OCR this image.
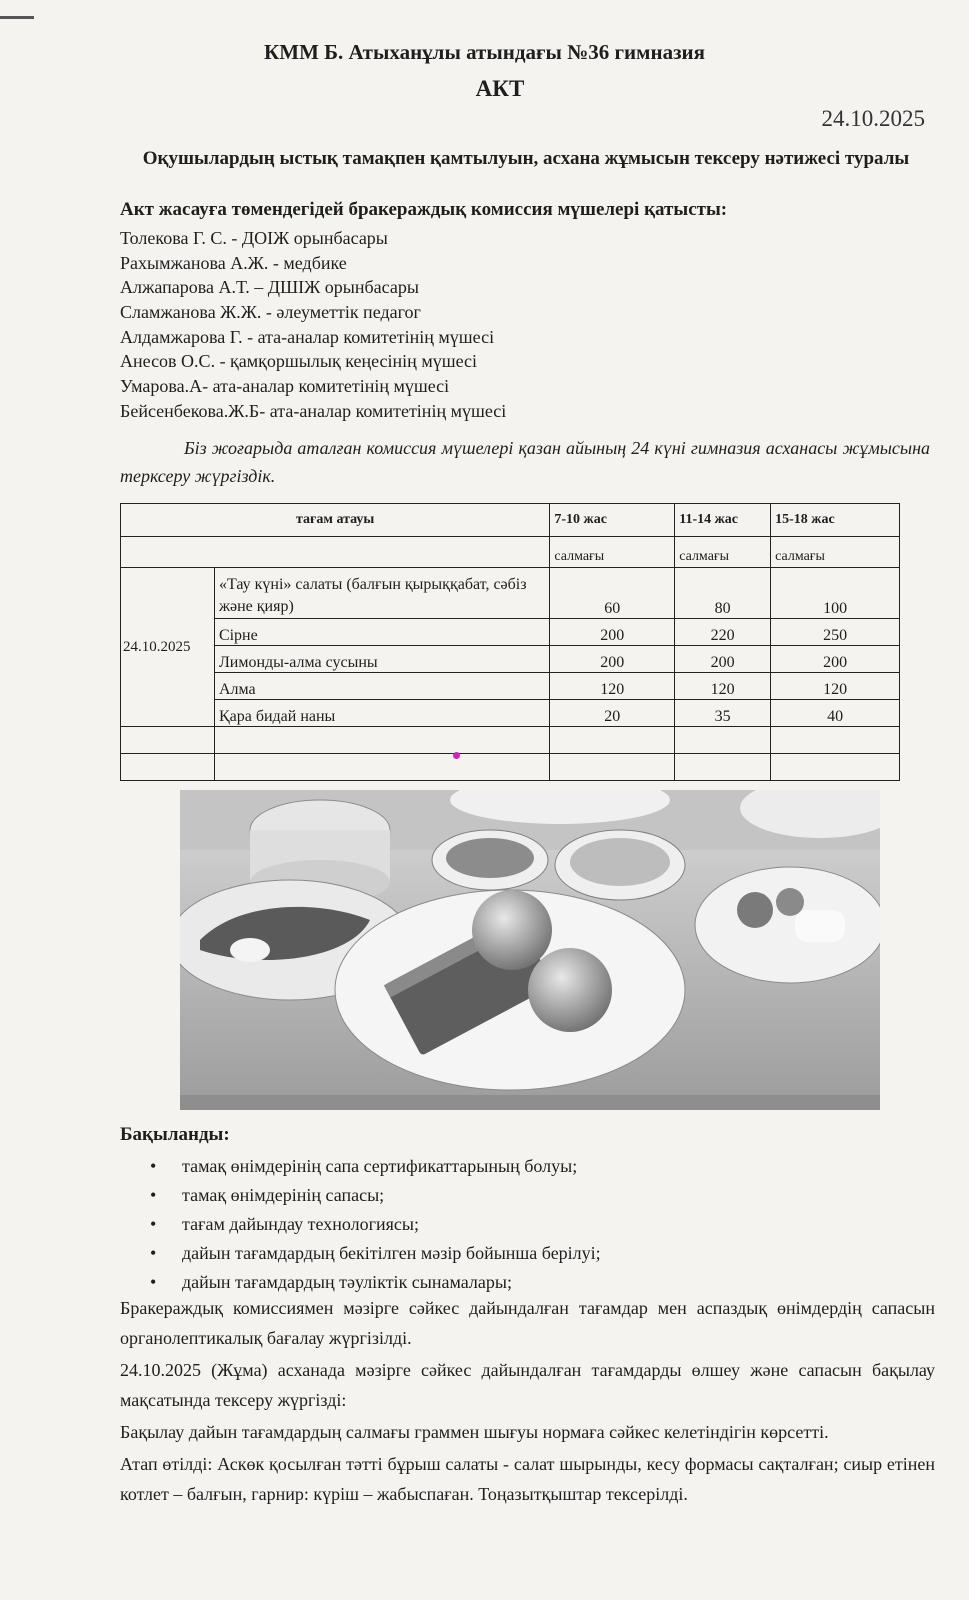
КММ Б. Атыханұлы атындағы №36 гимназия
АКТ
24.10.2025
Оқушылардың ыстық тамақпен қамтылуын, асхана жұмысын тексеру нәтижесі туралы
Акт жасауға төмендегідей бракераждық комиссия мүшелері қатысты:
Толекова Г. С. - ДОІЖ орынбасары
Рахымжанова А.Ж. - медбике
Алжапарова А.Т. – ДШІЖ орынбасары
Сламжанова Ж.Ж. - әлеуметтік педагог
Алдамжарова Г. - ата-аналар комитетінің мүшесі
Анесов О.С. - қамқоршылық кеңесінің мүшесі
Умарова.А- ата-аналар комитетінің мүшесі
Бейсенбекова.Ж.Б- ата-аналар комитетінің мүшесі
Біз жоғарыда аталған комиссия мүшелері қазан айының 24 күні гимназия асханасы жұмысына терксеру жүргіздік.
тағам атауы		7-10 жас	11-14 жас	15-18 жас
		салмағы	салмағы	салмағы
24.10.2025	«Тау күні» салаты (балғын қырыққабат, сәбіз және қияр)	60	80	100
	Сірне	200	220	250
	Лимонды-алма сусыны	200	200	200
	Алма	120	120	120
	Қара бидай наны	20	35	40

Бақыланды:
• тамақ өнімдерінің сапа сертификаттарының болуы;
• тамақ өнімдерінің сапасы;
• тағам дайындау технологиясы;
• дайын тағамдардың бекітілген мәзір бойынша берілуі;
• дайын тағамдардың тәуліктік сынамалары;
Бракераждық комиссиямен мәзірге сәйкес дайындалған тағамдар мен аспаздық өнімдердің сапасын органолептикалық бағалау жүргізілді.
24.10.2025 (Жұма) асханада мәзірге сәйкес дайындалған тағамдарды өлшеу және сапасын бақылау мақсатында тексеру жүргізді:
Бақылау дайын тағамдардың салмағы граммен шығуы нормаға сәйкес келетіндігін көрсетті.
Атап өтілді: Аскөк қосылған тәтті бұрыш салаты - салат шырынды, кесу формасы сақталған; сиыр етінен котлет – балғын, гарнир: күріш – жабыспаған. Тоңазытқыштар тексерілді.
